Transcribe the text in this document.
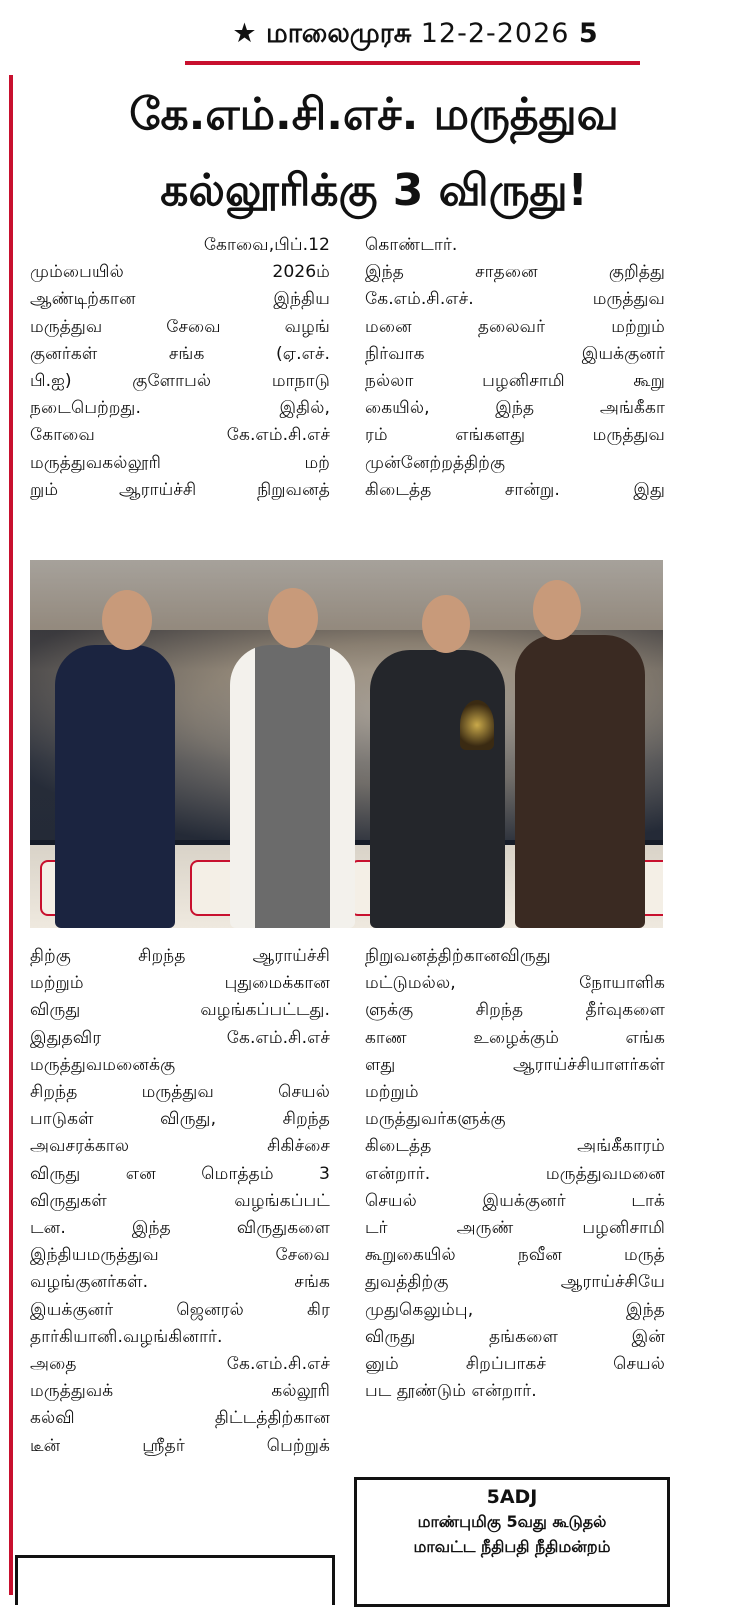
★ மாலைமுரசு 12-2-2026 5
கே.எம்.சி.எச். மருத்துவ
கல்லூரிக்கு 3 விருது!

கோவை,பிப்.12

மும்பையில் 2026ம்

ஆண்டிற்கான இந்திய

மருத்துவ சேவை வழங்

குனர்கள் சங்க (ஏ.எச்.

பி.ஐ) குளோபல் மாநாடு

நடைபெற்றது. இதில்,

கோவை கே.எம்.சி.எச்

மருத்துவகல்லூரி மற்

றும் ஆராய்ச்சி நிறுவனத்

கொண்டார்.

இந்த சாதனை குறித்து

கே.எம்.சி.எச். மருத்துவ

மனை தலைவர் மற்றும்

நிர்வாக இயக்குனர்

நல்லா பழனிசாமி கூறு

கையில், இந்த அங்கீகா

ரம் எங்களது மருத்துவ

முன்னேற்றத்திற்கு

கிடைத்த சான்று. இது

திற்கு சிறந்த ஆராய்ச்சி

மற்றும் புதுமைக்கான

விருது வழங்கப்பட்டது.

இதுதவிர கே.எம்.சி.எச்

மருத்துவமனைக்கு

சிறந்த மருத்துவ செயல்

பாடுகள் விருது, சிறந்த

அவசரக்கால சிகிச்சை

விருது என மொத்தம் 3

விருதுகள் வழங்கப்பட்

டன. இந்த விருதுகளை

இந்தியமருத்துவ சேவை

வழங்குனர்கள். சங்க

இயக்குனர் ஜெனரல் கிர

தார்கியானி.வழங்கினார்.

அதை கே.எம்.சி.எச்

மருத்துவக் கல்லூரி

கல்வி திட்டத்திற்கான

டீன் ஸ்ரீதர் பெற்றுக்

நிறுவனத்திற்கானவிருது

மட்டுமல்ல, நோயாளிக

ளுக்கு சிறந்த தீர்வுகளை

காண உழைக்கும் எங்க

ளது ஆராய்ச்சியாளர்கள்

மற்றும்

மருத்துவர்களுக்கு

கிடைத்த அங்கீகாரம்

என்றார். மருத்துவமனை

செயல் இயக்குனர் டாக்

டர் அருண் பழனிசாமி

கூறுகையில் நவீன மருத்

துவத்திற்கு ஆராய்ச்சியே

முதுகெலும்பு, இந்த

விருது தங்களை இன்

னும் சிறப்பாகச் செயல்

பட தூண்டும் என்றார்.

5ADJ
மாண்புமிகு 5வது கூடுதல்
மாவட்ட நீதிபதி நீதிமன்றம்
